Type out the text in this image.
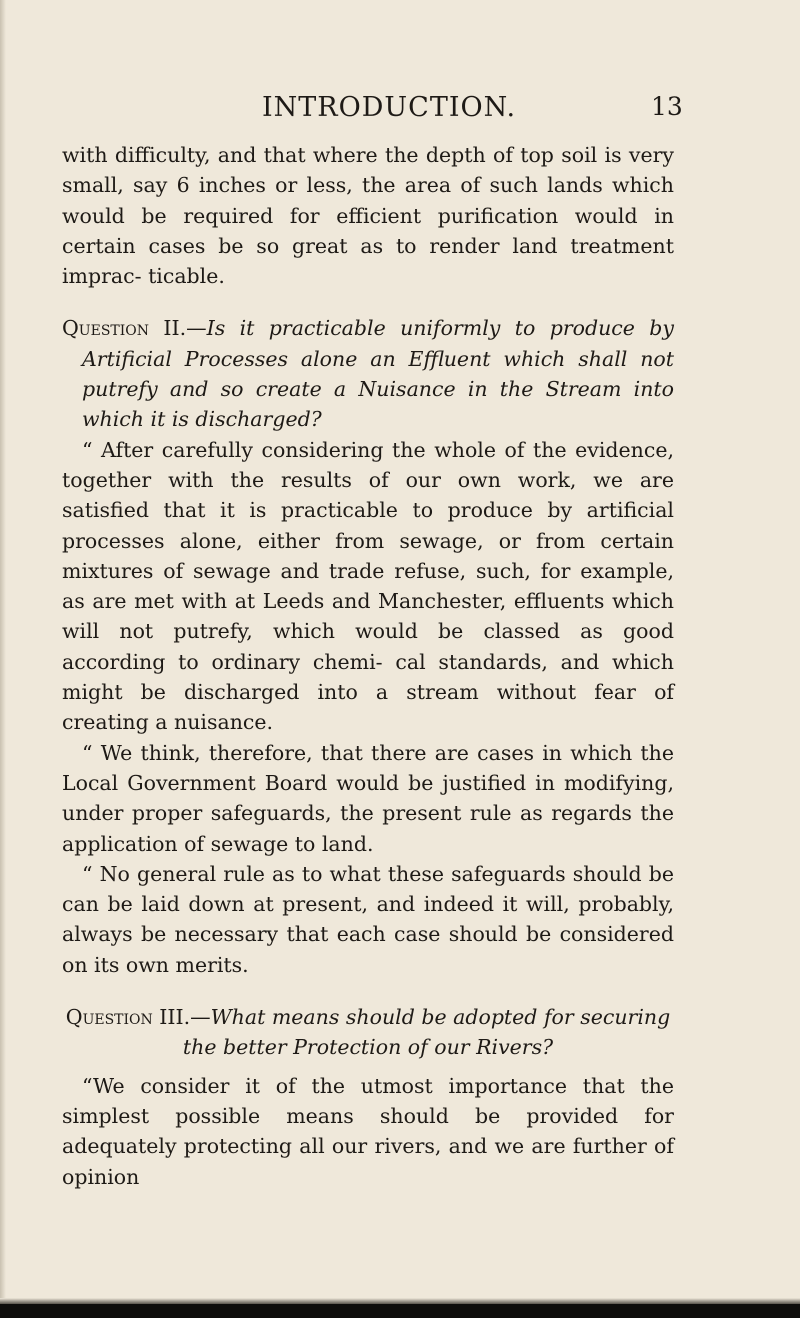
INTRODUCTION.	13

with difficulty, and that where the depth of top soil is very small, say 6 inches or less, the area of such lands which would be required for efficient purification would in certain cases be so great as to render land treatment imprac- ticable.

Question II.—Is it practicable uniformly to produce by Artificial Processes alone an Effluent which shall not putrefy and so create a Nuisance in the Stream into which it is discharged?

“ After carefully considering the whole of the evidence, together with the results of our own work, we are satisfied that it is practicable to produce by artificial processes alone, either from sewage, or from certain mixtures of sewage and trade refuse, such, for example, as are met with at Leeds and Manchester, effluents which will not putrefy, which would be classed as good according to ordinary chemi- cal standards, and which might be discharged into a stream without fear of creating a nuisance.

“ We think, therefore, that there are cases in which the Local Government Board would be justified in modifying, under proper safeguards, the present rule as regards the application of sewage to land.

“ No general rule as to what these safeguards should be can be laid down at present, and indeed it will, probably, always be necessary that each case should be considered on its own merits.

Question III.—What means should be adopted for securing the better Protection of our Rivers?

“We consider it of the utmost importance that the simplest possible means should be provided for adequately protecting all our rivers, and we are further of opinion
